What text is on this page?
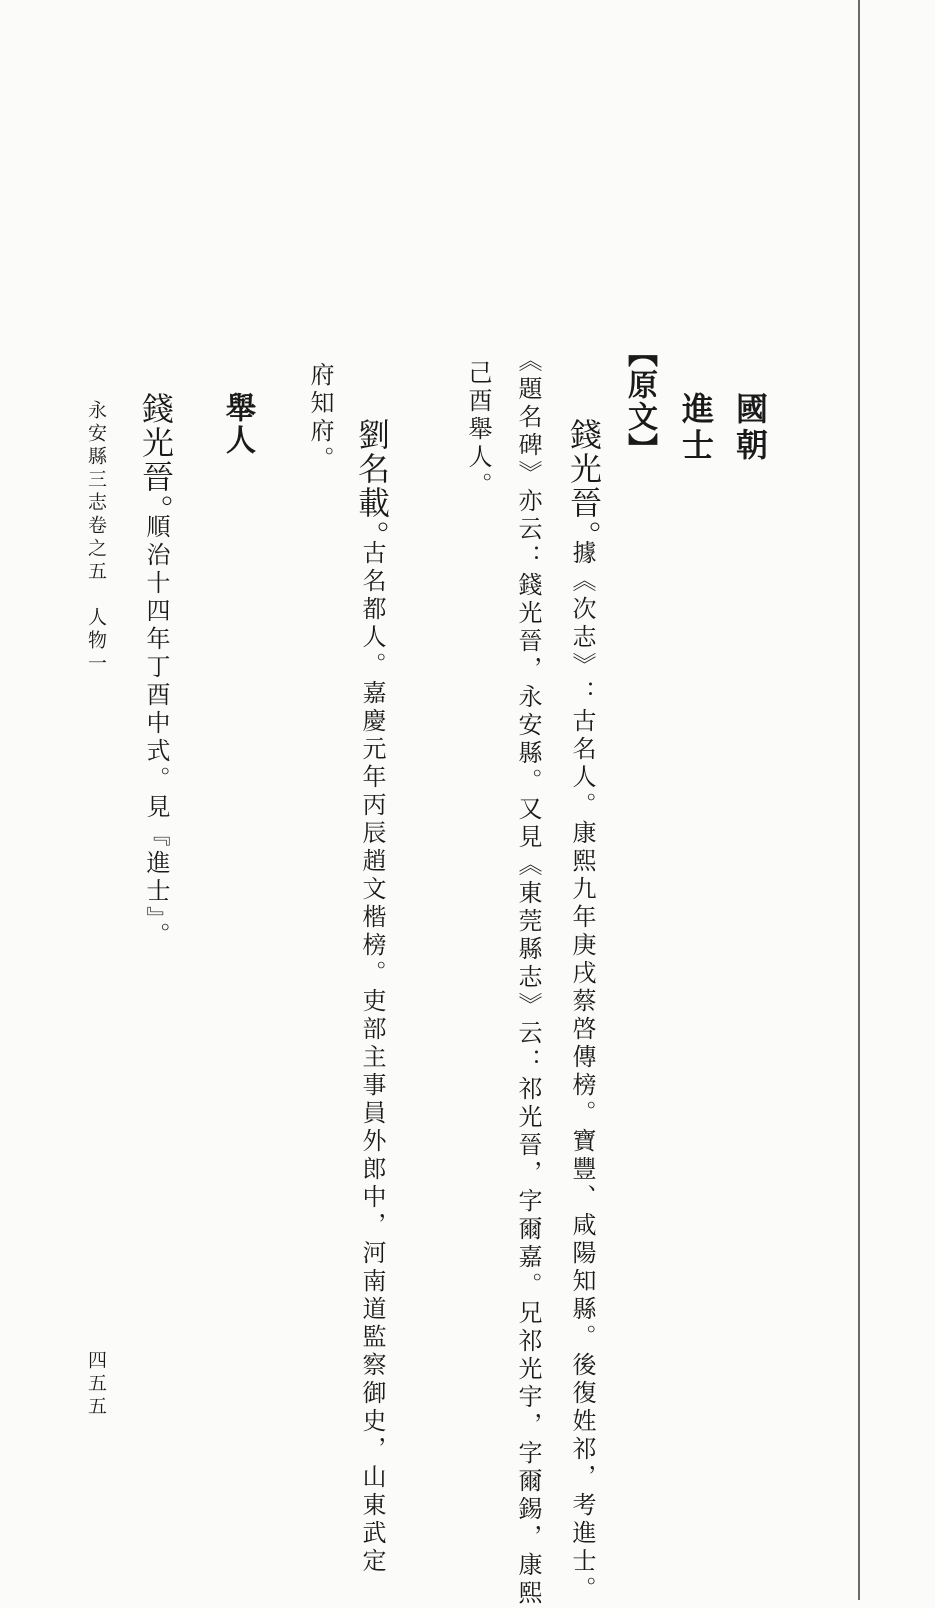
國朝
進士
【原文】
錢光晉。
據《次志》：古名人。康熙九年庚戌蔡啓傳榜。寶豐、咸陽知縣。後復姓祁，考進士。
《題名碑》亦云：錢光晉，永安縣。又見《東莞縣志》云：祁光晉，字爾嘉。兄祁光宇，字爾錫，康熙
己酉舉人。
劉名載。
古名都人。嘉慶元年丙辰趙文楷榜。吏部主事員外郎中，河南道監察御史，山東武定
府知府。
舉人
錢光晉。
順治十四年丁酉中式。見『進士』。
永安縣三志卷之五　人物一
四五五
